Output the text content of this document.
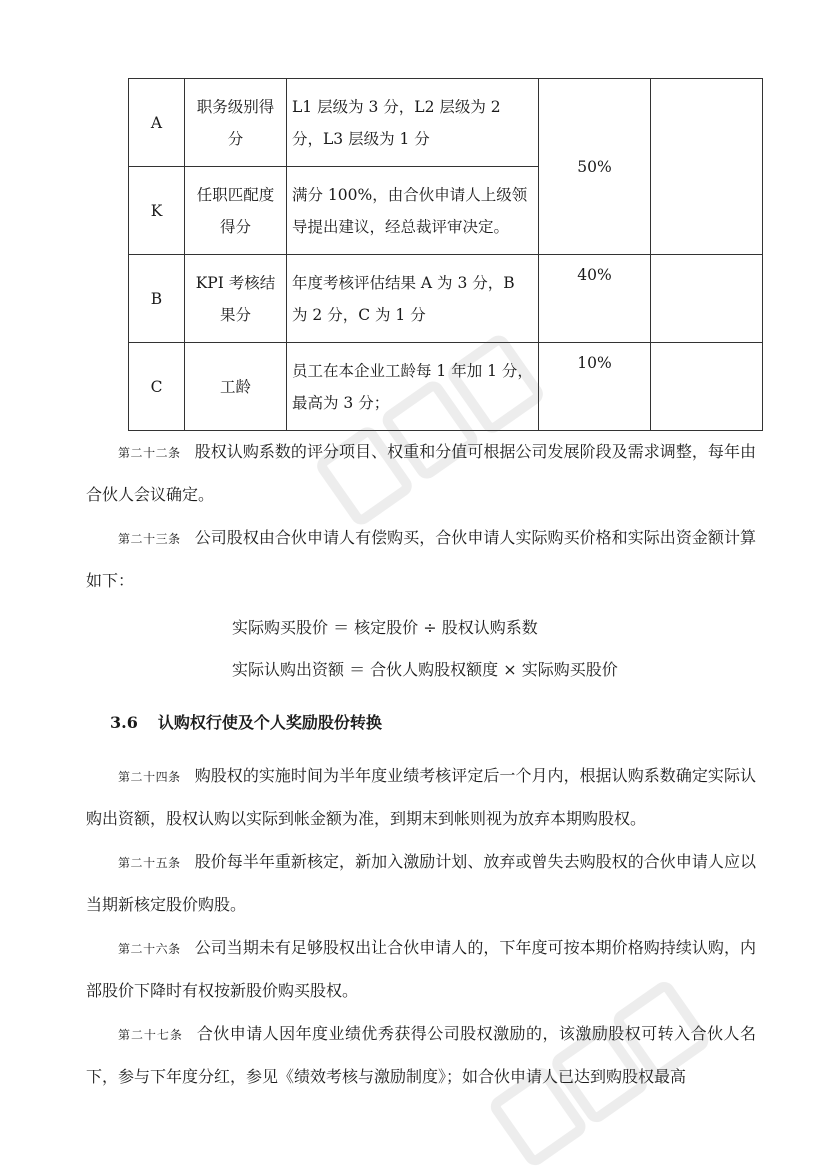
A	职务级别得分	L1 层级为 3 分，L2 层级为 2 分，L3 层级为 1 分	50%	
K	任职匹配度得分	满分 100%，由合伙申请人上级领导提出建议，经总裁评审决定。		
B	KPI 考核结果分	年度考核评估结果 A 为 3 分，B 为 2 分，C 为 1 分	40%	
C	工龄	员工在本企业工龄每 1 年加 1 分，最高为 3 分；	10%	

第二十二条 股权认购系数的评分项目、权重和分值可根据公司发展阶段及需求调整，每年由合伙人会议确定。

第二十三条 公司股权由合伙申请人有偿购买，合伙申请人实际购买价格和实际出资金额计算如下：

实际购买股价 ＝ 核定股价 ÷ 股权认购系数
实际认购出资额 ＝ 合伙人购股权额度 × 实际购买股价
3.6 认购权行使及个人奖励股份转换

第二十四条 购股权的实施时间为半年度业绩考核评定后一个月内，根据认购系数确定实际认购出资额，股权认购以实际到帐金额为准，到期末到帐则视为放弃本期购股权。

第二十五条 股价每半年重新核定，新加入激励计划、放弃或曾失去购股权的合伙申请人应以当期新核定股价购股。

第二十六条 公司当期未有足够股权出让合伙申请人的，下年度可按本期价格购持续认购，内部股价下降时有权按新股价购买股权。

第二十七条 合伙申请人因年度业绩优秀获得公司股权激励的，该激励股权可转入合伙人名下，参与下年度分红，参见《绩效考核与激励制度》；如合伙申请人已达到购股权最高
